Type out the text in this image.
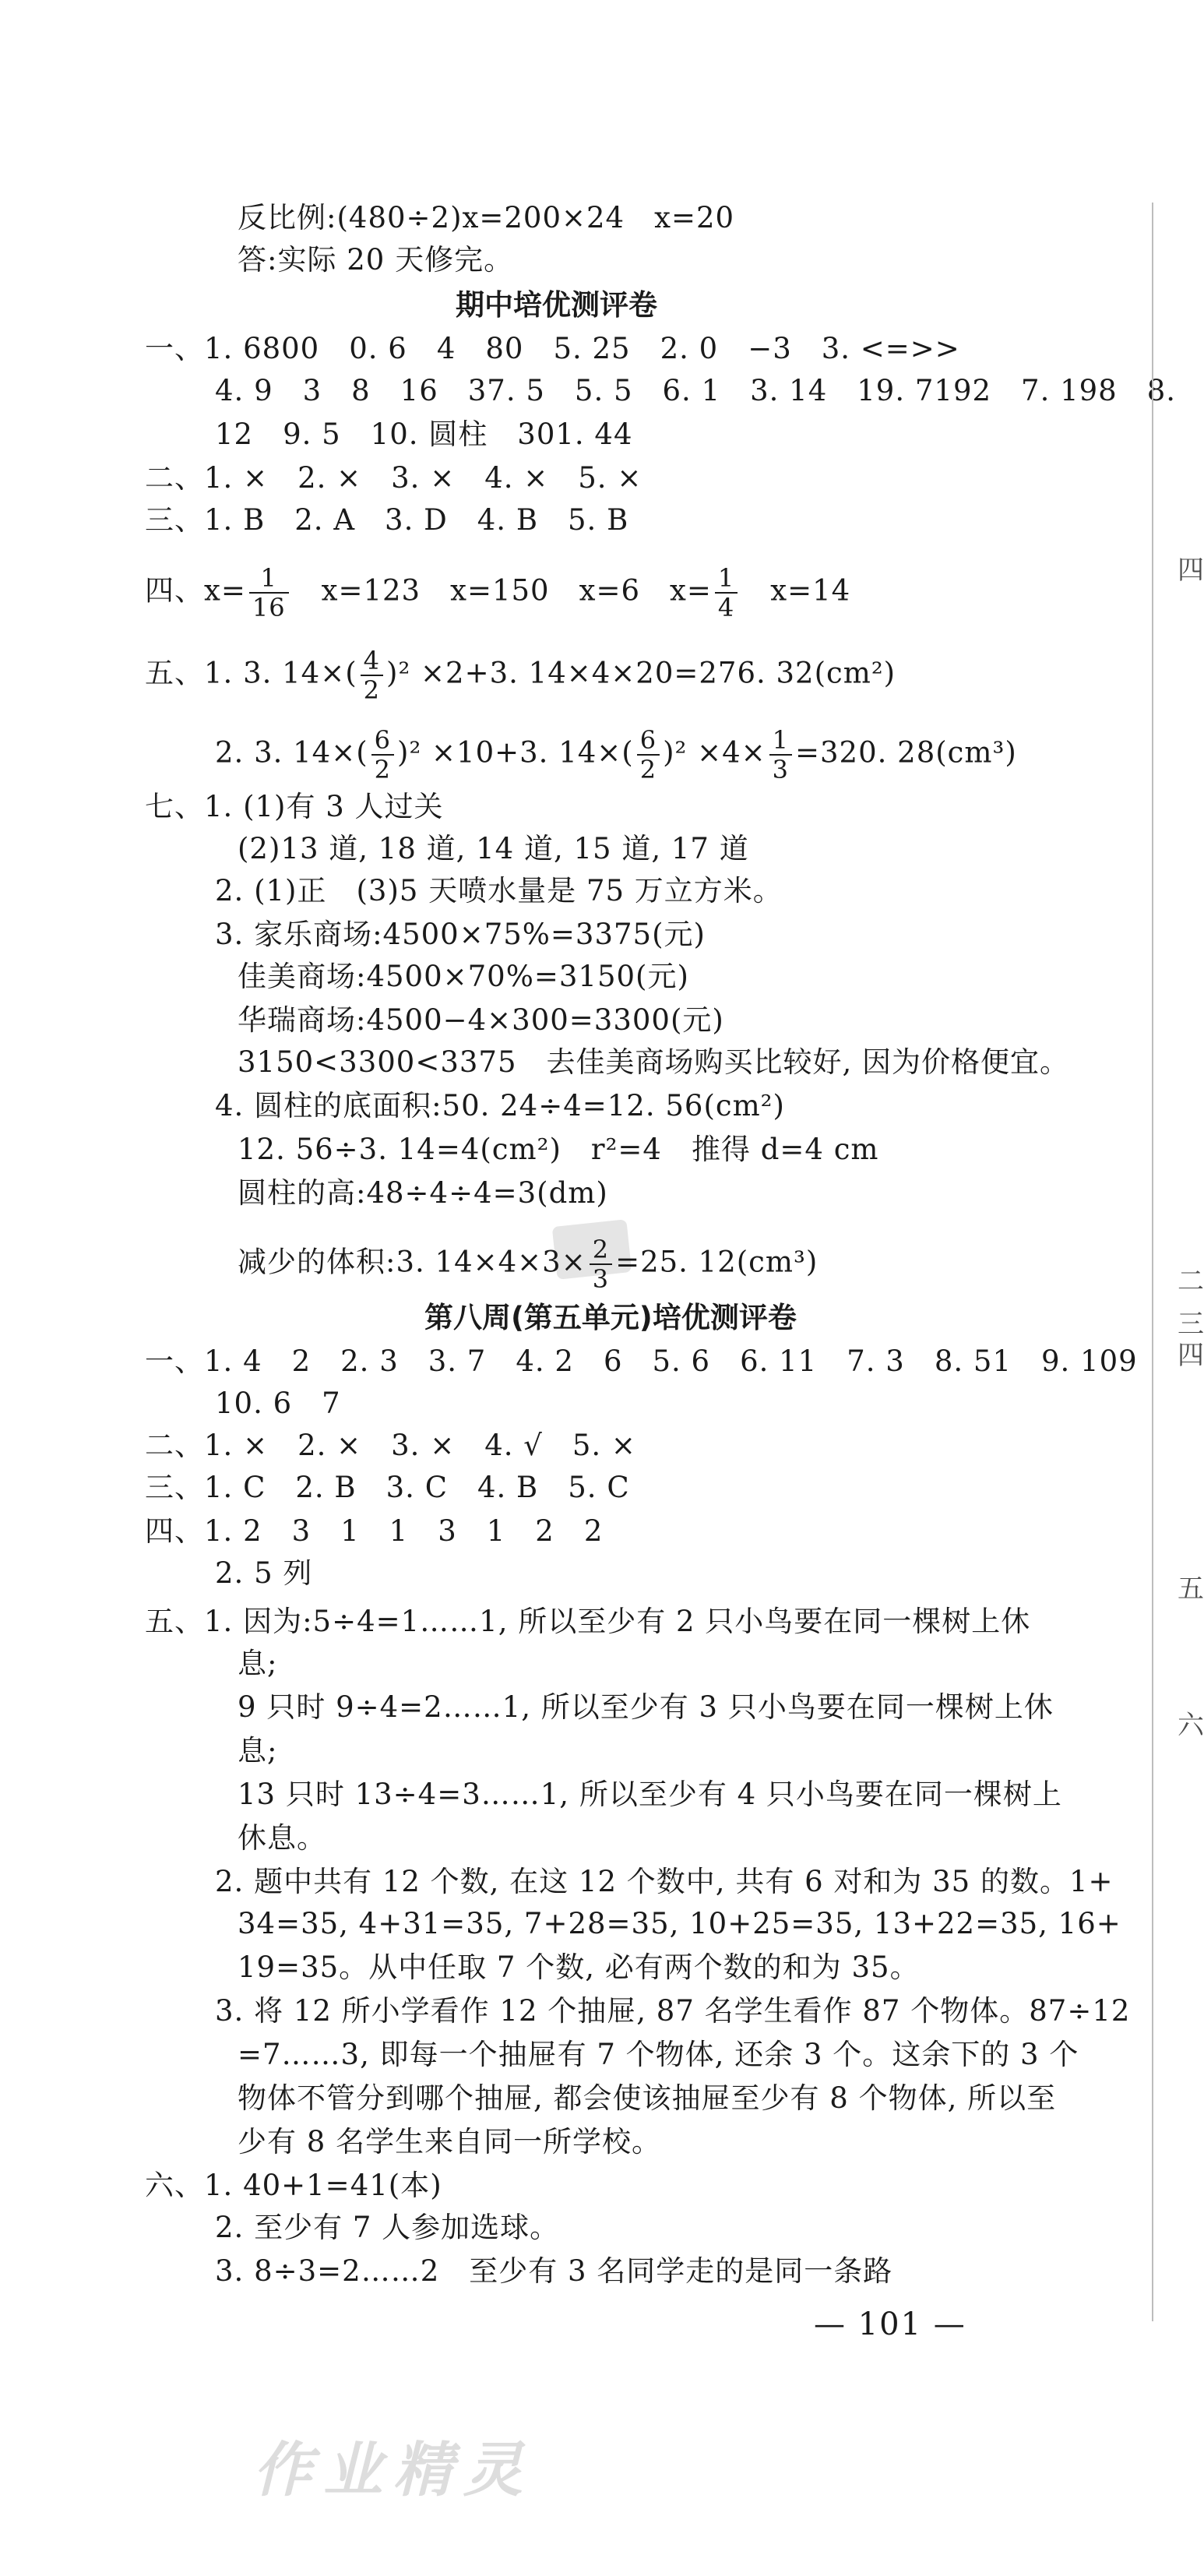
反比例:(480÷2)x=200×24　x=20
答:实际 20 天修完。
期中培优测评卷
一、1. 6800　0. 6　4　80　5. 25　2. 0　−3　3. <=>>
4. 9　3　8　16　37. 5　5. 5　6. 1　3. 14　19. 7192　7. 198　8.
12　9. 5　10. 圆柱　301. 44
二、1. ×　2. ×　3. ×　4. ×　5. ×
三、1. B　2. A　3. D　4. B　5. B
四、$x= \frac{1}{16}$ 　x=123　x=150　x=6　$x= \frac{1}{4}$ 　x=14
五、1. 3. $14\times( \frac{4}{2} )^2 \times 2+3$. 14×4×20=276. 32(cm²)
2. 3. $14\times( \frac{6}{2} )^2 \times 10+3$. $14\times( \frac{6}{2} )^2 \times 4\times \frac{1}{3} =320$. 28(cm³)
七、1. (1)有 3 人过关
(2)13 道, 18 道, 14 道, 15 道, 17 道
2. (1)正　(3)5 天喷水量是 75 万立方米。
3. 家乐商场:4500×75%=3375(元)
佳美商场:4500×70%=3150(元)
华瑞商场:4500−4×300=3300(元)
3150<3300<3375　去佳美商场购买比较好, 因为价格便宜。
4. 圆柱的底面积:50. 24÷4=12. 56(cm²)
12. 56÷3. 14=4(cm²)　r²=4　推得 d=4 cm
圆柱的高:48÷4÷4=3(dm)
减少的体积:3. $14\times 4\times 3\times \frac{2}{3} =25$. 12(cm³)
第八周(第五单元)培优测评卷
一、1. 4　2　2. 3　3. 7　4. 2　6　5. 6　6. 11　7. 3　8. 51　9. 109
10. 6　7
二、1. ×　2. ×　3. ×　4. √　5. ×
三、1. C　2. B　3. C　4. B　5. C
四、1. 2　3　1　1　3　1　2　2
2. 5 列
五、1. 因为:5÷4=1……1, 所以至少有 2 只小鸟要在同一棵树上休
息;
9 只时 9÷4=2……1, 所以至少有 3 只小鸟要在同一棵树上休
息;
13 只时 13÷4=3……1, 所以至少有 4 只小鸟要在同一棵树上
休息。
2. 题中共有 12 个数, 在这 12 个数中, 共有 6 对和为 35 的数。1+
34=35, 4+31=35, 7+28=35, 10+25=35, 13+22=35, 16+
19=35。从中任取 7 个数, 必有两个数的和为 35。
3. 将 12 所小学看作 12 个抽屉, 87 名学生看作 87 个物体。87÷12
=7……3, 即每一个抽屉有 7 个物体, 还余 3 个。这余下的 3 个
物体不管分到哪个抽屉, 都会使该抽屉至少有 8 个物体, 所以至
少有 8 名学生来自同一所学校。
六、1. 40+1=41(本)
2. 至少有 7 人参加选球。
3. 8÷3=2……2　至少有 3 名同学走的是同一条路
— 101 —
四
二
三
四
五
六
作业精灵
